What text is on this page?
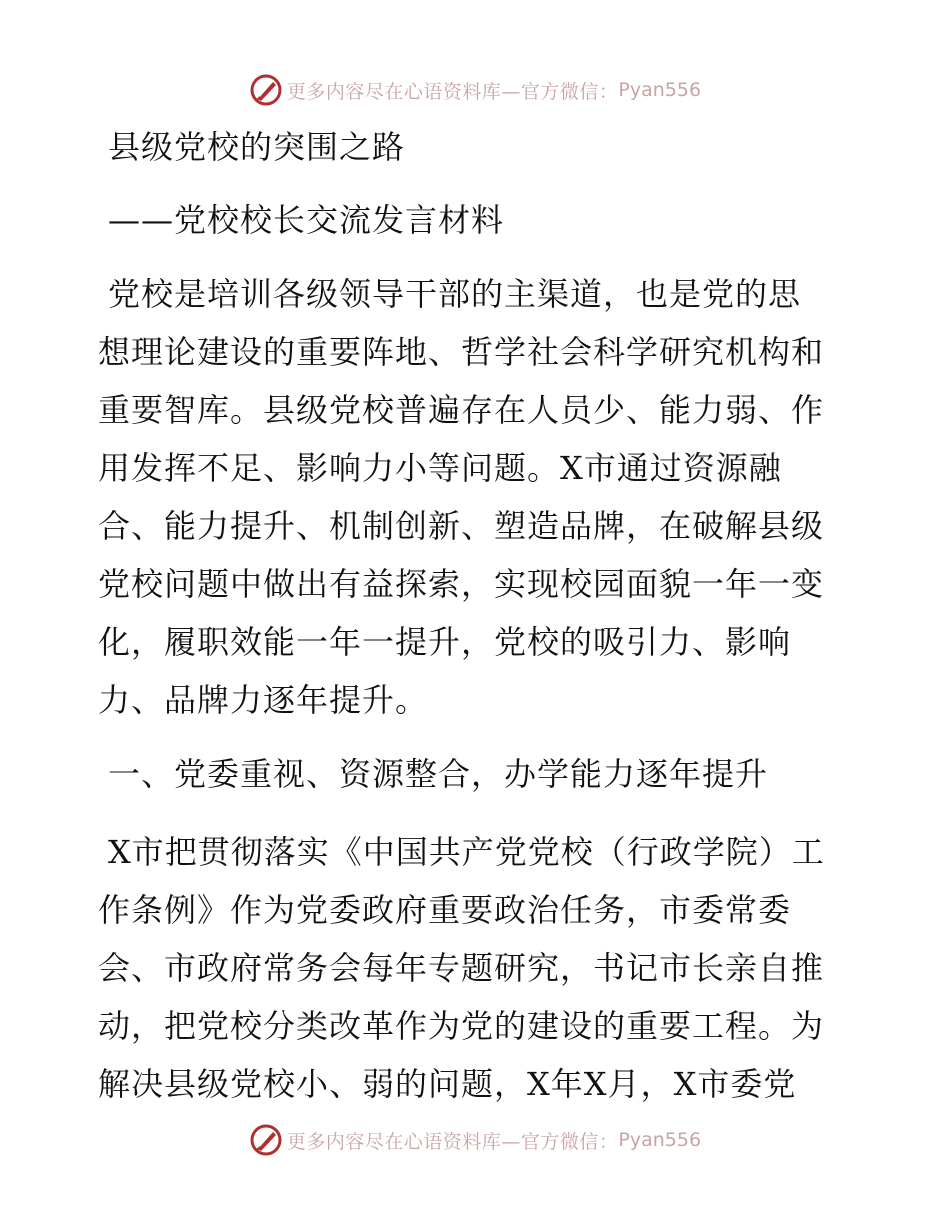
更多内容尽在心语资料库—官方微信： Pyan556
县级党校的突围之路
——党校校长交流发言材料
党校是培训各级领导干部的主渠道，也是党的思
想理论建设的重要阵地、哲学社会科学研究机构和
重要智库。县级党校普遍存在人员少、能力弱、作
用发挥不足、影响力小等问题。X市通过资源融
合、能力提升、机制创新、塑造品牌，在破解县级
党校问题中做出有益探索，实现校园面貌一年一变
化，履职效能一年一提升，党校的吸引力、影响
力、品牌力逐年提升。
一、党委重视、资源整合，办学能力逐年提升
X市把贯彻落实《中国共产党党校（行政学院）工
作条例》作为党委政府重要政治任务，市委常委
会、市政府常务会每年专题研究，书记市长亲自推
动，把党校分类改革作为党的建设的重要工程。为
解决县级党校小、弱的问题，X年X月，X市委党
更多内容尽在心语资料库—官方微信： Pyan556
